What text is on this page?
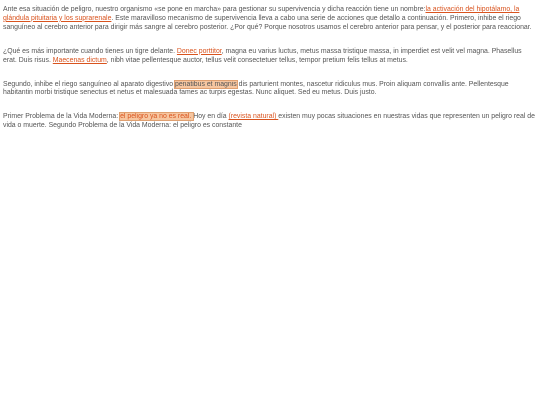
Ante esa situación de peligro, nuestro organismo «se pone en marcha» para gestionar su supervivencia y dicha reacción tiene un nombre:la activación del hipotálamo, la glándula pituitaria y los suprarenale. Este maravilloso mecanismo de supervivencia lleva a cabo una serie de acciones que detallo a continuación. Primero, inhibe el riego sanguíneo al cerebro anterior para dirigir más sangre al cerebro posterior. ¿Por qué? Porque nosotros usamos el cerebro anterior para pensar, y el posterior para reaccionar.

¿Qué es más importante cuando tienes un tigre delante. Donec porttitor, magna eu varius luctus, metus massa tristique massa, in imperdiet est velit vel magna. Phasellus erat. Duis risus. Maecenas dictum, nibh vitae pellentesque auctor, tellus velit consectetuer tellus, tempor pretium felis tellus at metus.

Segundo, inhibe el riego sanguíneo al aparato digestivo penatibus et magnis dis parturient montes, nascetur ridiculus mus. Proin aliquam convallis ante. Pellentesque habitantin morbi tristique senectus et netus et malesuada fames ac turpis egestas. Nunc aliquet. Sed eu metus. Duis justo.

Primer Problema de la Vida Moderna: el peligro ya no es real. Hoy en día (revista natural) existen muy pocas situaciones en nuestras vidas que representen un peligro real de vida o muerte. Segundo Problema de la Vida Moderna: el peligro es constante
